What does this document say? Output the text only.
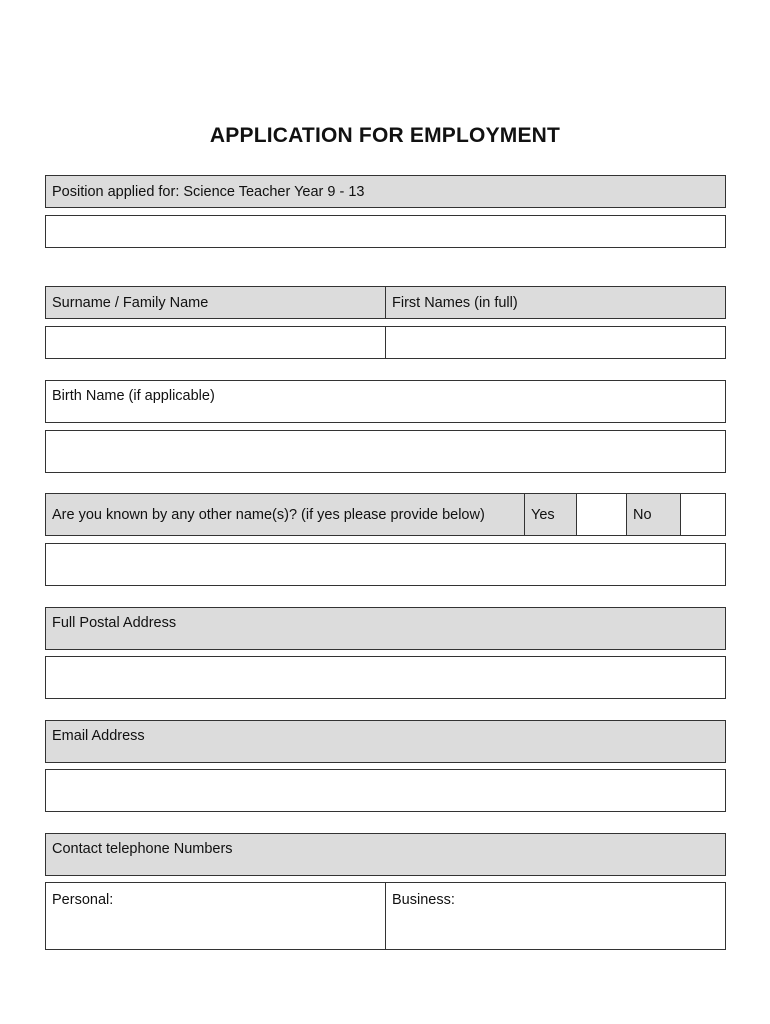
APPLICATION FOR EMPLOYMENT
Position applied for: Science Teacher Year 9 - 13
Surname / Family Name	First Names (in full)
Birth Name (if applicable)
Are you known by any other name(s)? (if yes please provide below)	Yes	No
Full Postal Address
Email Address
Contact telephone Numbers
Personal:	Business:
